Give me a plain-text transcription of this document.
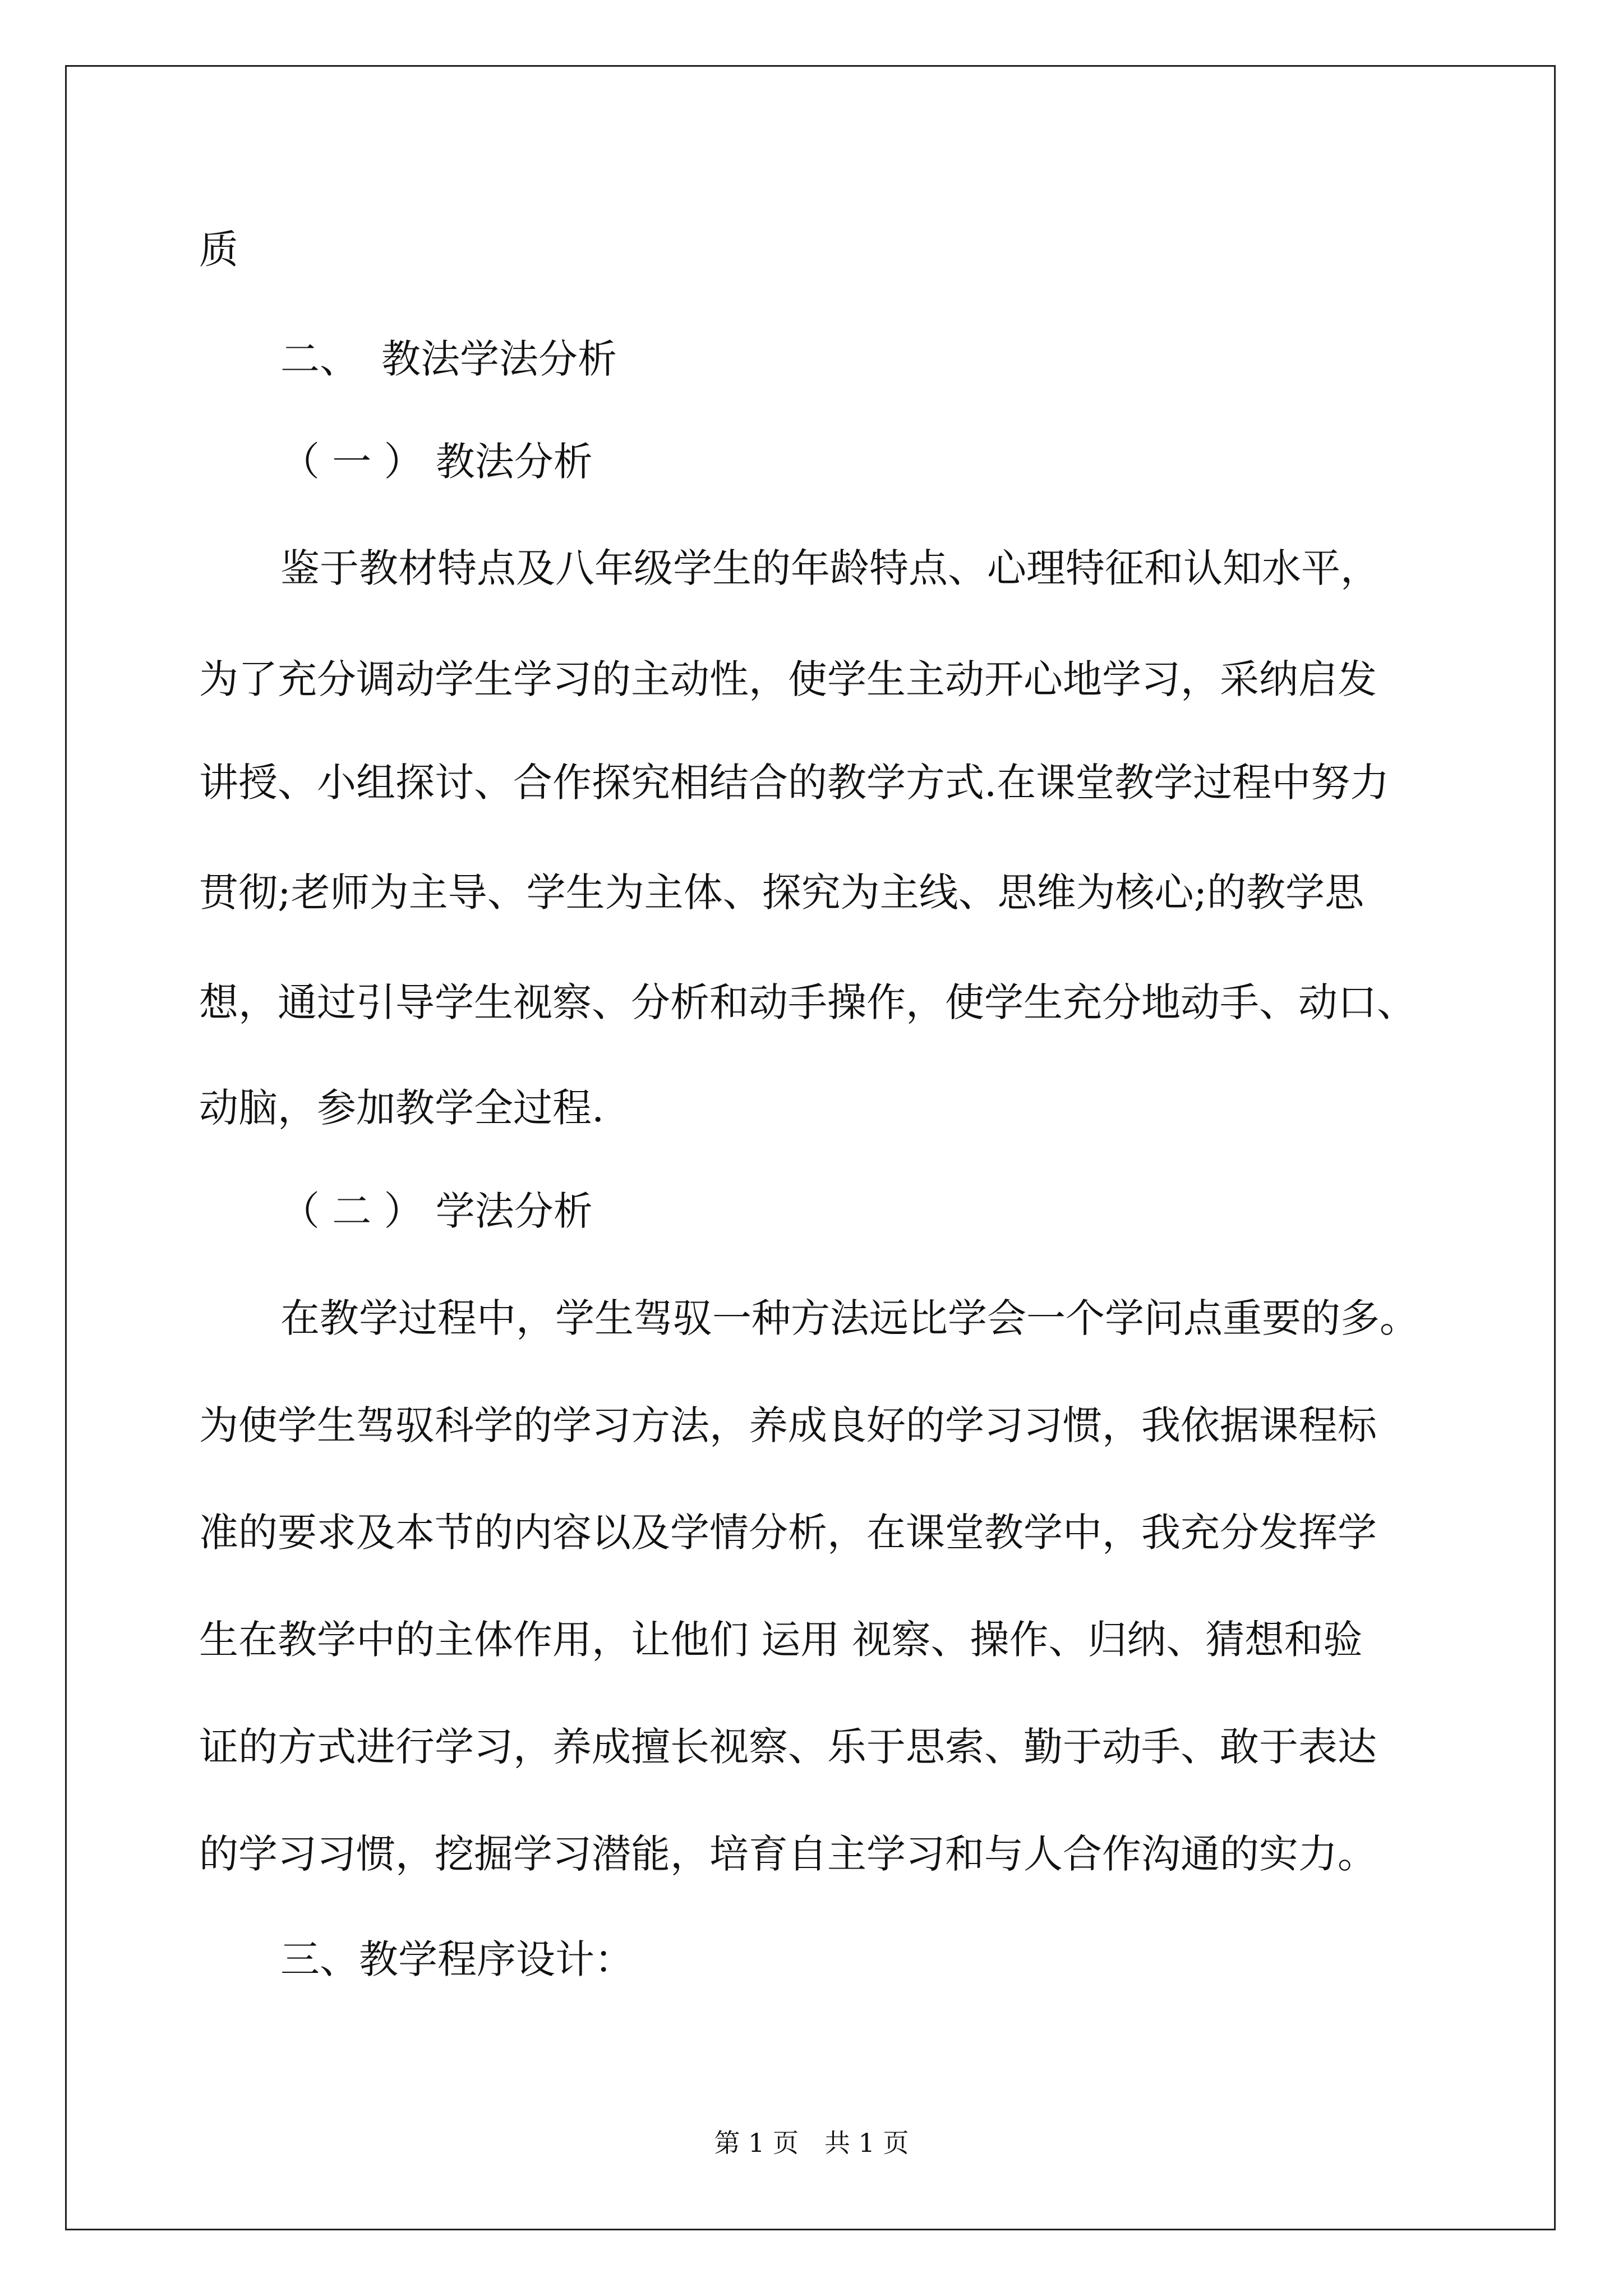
质
二、 教法学法分析
（ 一 ） 教法分析
鉴于教材特点及八年级学生的年龄特点、心理特征和认知水平，
为了充分调动学生学习的主动性，使学生主动开心地学习，采纳启发
讲授、小组探讨、合作探究相结合的教学方式.在课堂教学过程中努力
贯彻;老师为主导、学生为主体、探究为主线、思维为核心;的教学思
想，通过引导学生视察、分析和动手操作，使学生充分地动手、动口、
动脑，参加教学全过程.
（ 二 ） 学法分析
在教学过程中，学生驾驭一种方法远比学会一个学问点重要的多。
为使学生驾驭科学的学习方法，养成良好的学习习惯，我依据课程标
准的要求及本节的内容以及学情分析，在课堂教学中，我充分发挥学
生在教学中的主体作用，让他们 运用 视察、操作、归纳、猜想和验
证的方式进行学习，养成擅长视察、乐于思索、勤于动手、敢于表达
的学习习惯，挖掘学习潜能，培育自主学习和与人合作沟通的实力。
三、教学程序设计：
第 1 页　共 1 页
